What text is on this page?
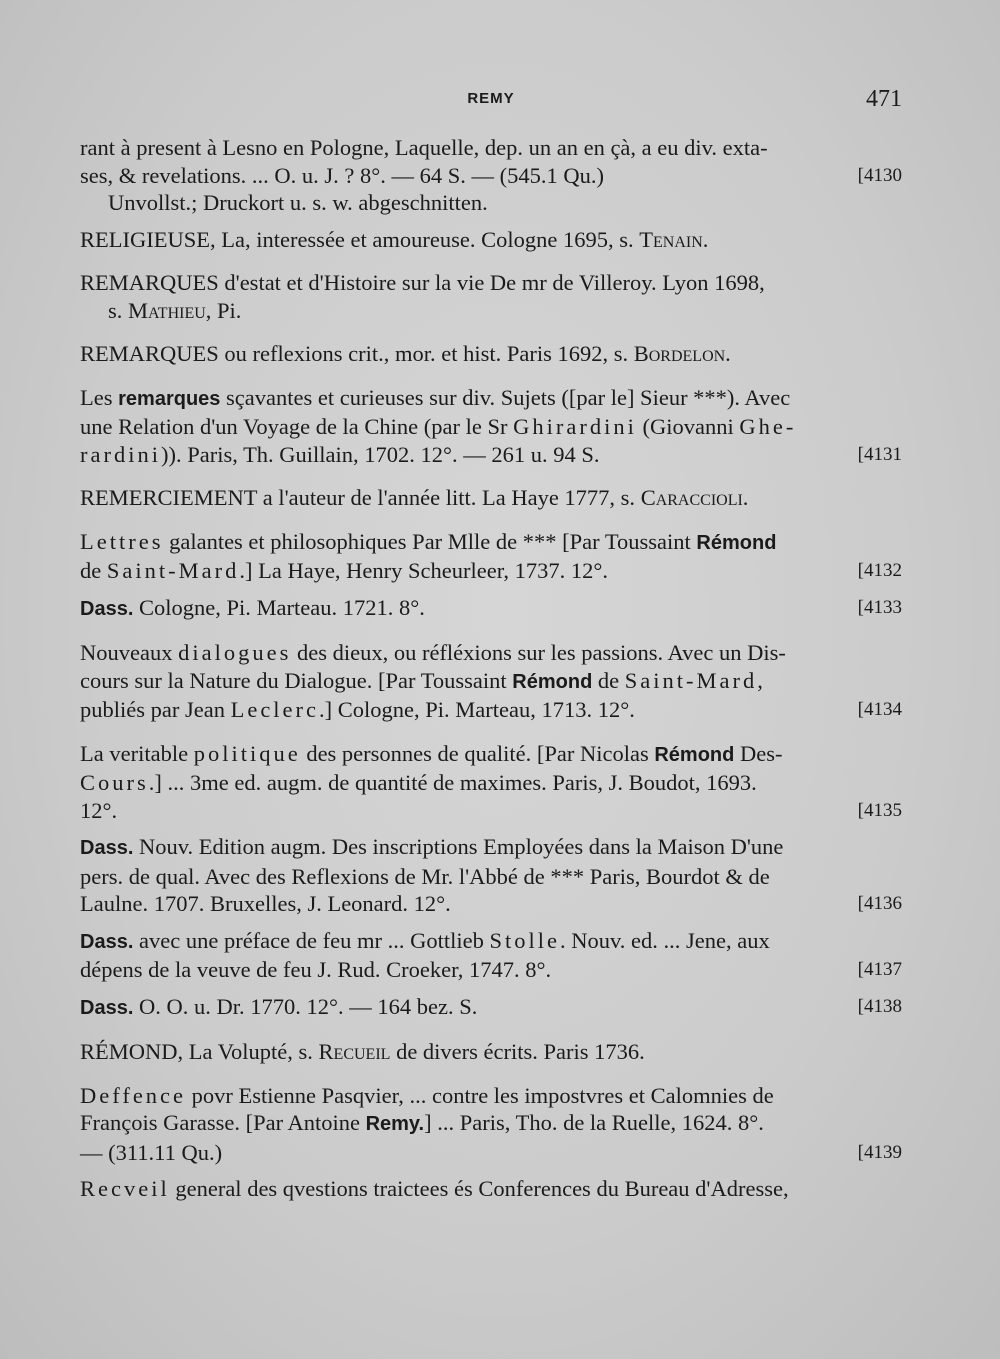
REMY	471
rant à present à Lesno en Pologne, Laquelle, dep. un an en çà, a eu div. exta-
ses, & revelations. ... O. u. J. ? 8°. — 64 S. — (545.1 Qu.)	[4130
Unvollst.; Druckort u. s. w. abgeschnitten.
RELIGIEUSE, La, interessée et amoureuse. Cologne 1695, s. Tenain.
REMARQUES d'estat et d'Histoire sur la vie De mr de Villeroy. Lyon 1698,
s. Mathieu, Pi.
REMARQUES ou reflexions crit., mor. et hist. Paris 1692, s. Bordelon.
Les remarques sçavantes et curieuses sur div. Sujets ([par le] Sieur ***). Avec
une Relation d'un Voyage de la Chine (par le Sr Ghirardini (Giovanni Ghe-
rardini)). Paris, Th. Guillain, 1702. 12°. — 261 u. 94 S.	[4131
REMERCIEMENT a l'auteur de l'année litt. La Haye 1777, s. Caraccioli.
Lettres galantes et philosophiques Par Mlle de *** [Par Toussaint Rémond
de Saint-Mard.] La Haye, Henry Scheurleer, 1737. 12°.	[4132
Dass. Cologne, Pi. Marteau. 1721. 8°.	[4133
Nouveaux dialogues des dieux, ou réfléxions sur les passions. Avec un Dis-
cours sur la Nature du Dialogue. [Par Toussaint Rémond de Saint-Mard,
publiés par Jean Leclerc.] Cologne, Pi. Marteau, 1713. 12°.	[4134
La veritable politique des personnes de qualité. [Par Nicolas Rémond Des-
Cours.] ... 3me ed. augm. de quantité de maximes. Paris, J. Boudot, 1693.
12°.	[4135
Dass. Nouv. Edition augm. Des inscriptions Employées dans la Maison D'une
pers. de qual. Avec des Reflexions de Mr. l'Abbé de *** Paris, Bourdot & de
Laulne. 1707. Bruxelles, J. Leonard. 12°.	[4136
Dass. avec une préface de feu mr ... Gottlieb Stolle. Nouv. ed. ... Jene, aux
dépens de la veuve de feu J. Rud. Croeker, 1747. 8°.	[4137
Dass. O. O. u. Dr. 1770. 12°. — 164 bez. S.	[4138
RÉMOND, La Volupté, s. Recueil de divers écrits. Paris 1736.
Deffence povr Estienne Pasqvier, ... contre les impostvres et Calomnies de
François Garasse. [Par Antoine Remy.] ... Paris, Tho. de la Ruelle, 1624. 8°.
— (311.11 Qu.)	[4139
Recveil general des qvestions traictees és Conferences du Bureau d'Adresse,
